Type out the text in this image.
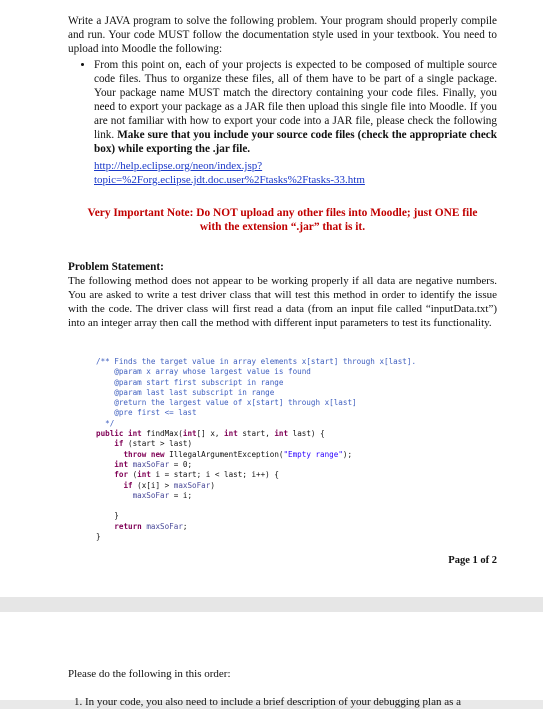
Write a JAVA program to solve the following problem. Your program should properly compile and run. Your code MUST follow the documentation style used in your textbook. You need to upload into Moodle the following:

• From this point on, each of your projects is expected to be composed of multiple source code files. Thus to organize these files, all of them have to be part of a single package. Your package name MUST match the directory containing your code files. Finally, you need to export your package as a JAR file then upload this single file into Moodle. If you are not familiar with how to export your code into a JAR file, please check the following link. Make sure that you include your source code files (check the appropriate check box) while exporting the .jar file.
http://help.eclipse.org/neon/index.jsp?topic=%2Forg.eclipse.jdt.doc.user%2Ftasks%2Ftasks-33.htm

Very Important Note: Do NOT upload any other files into Moodle; just ONE file
with the extension “.jar” that is it.

Problem Statement:

The following method does not appear to be working properly if all data are negative numbers. You are asked to write a test driver class that will test this method in order to identify the issue with the code. The driver class will first read a data (from an input file called “inputData.txt”) into an integer array then call the method with different input parameters to test its functionality.

/** Finds the target value in array elements x[start] through x[last].
@param x array whose largest value is found
@param start first subscript in range
@param last last subscript in range
@return the largest value of x[start] through x[last]
@pre first <= last
*/
public int findMax(int[] x, int start, int last) {
if (start > last)
throw new IllegalArgumentException("Empty range");
int maxSoFar = 0;
for (int i = start; i < last; i++) {
if (x[i] > maxSoFar)
maxSoFar = i;

}
return maxSoFar;
}
Page 1 of 2

Please do the following in this order:

1. In your code, you also need to include a brief description of your debugging plan as a
